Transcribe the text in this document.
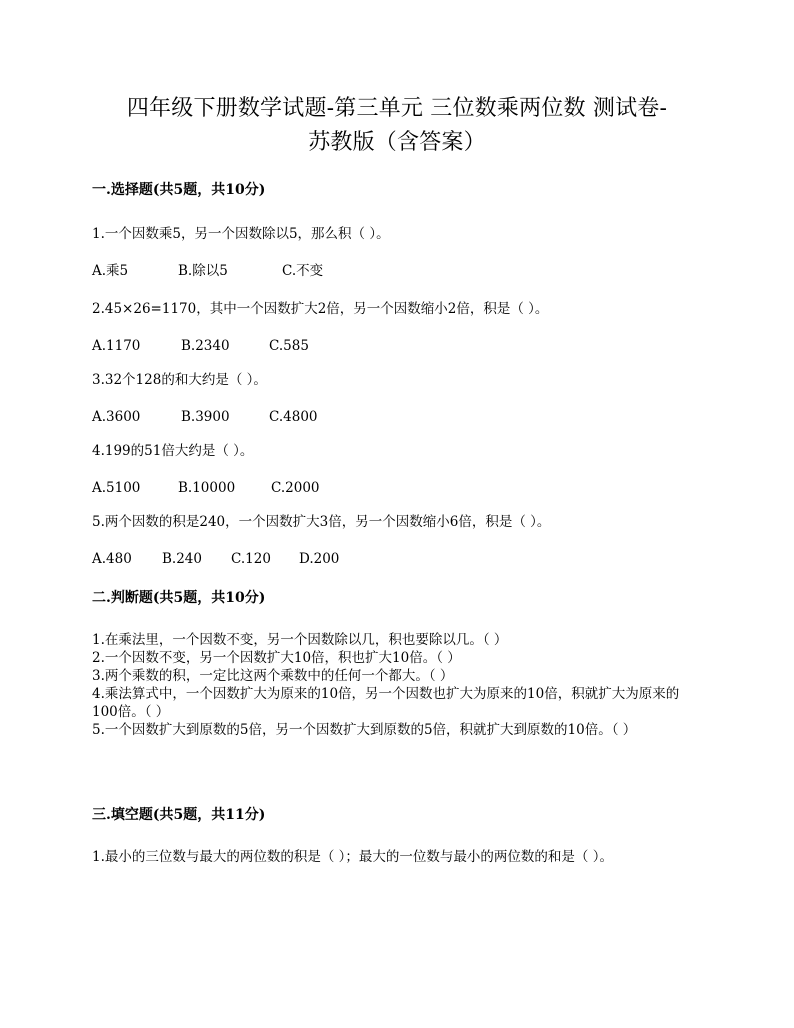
四年级下册数学试题-第三单元 三位数乘两位数 测试卷-
苏教版（含答案）

一.选择题(共5题，共10分)

1.一个因数乘5，另一个因数除以5，那么积（ ）。

A.乘5	B.除以5	C.不变

2.45×26=1170，其中一个因数扩大2倍，另一个因数缩小2倍，积是（ ）。

A.1170	B.2340	C.585

3.32个128的和大约是（ ）。

A.3600	B.3900	C.4800

4.199的51倍大约是（ ）。

A.5100	B.10000	C.2000

5.两个因数的积是240，一个因数扩大3倍，另一个因数缩小6倍，积是（ ）。

A.480 B.240 C.120 D.200

二.判断题(共5题，共10分)

1.在乘法里，一个因数不变，另一个因数除以几，积也要除以几。（ ）
2.一个因数不变，另一个因数扩大10倍，积也扩大10倍。（ ）
3.两个乘数的积，一定比这两个乘数中的任何一个都大。（ ）
4.乘法算式中，一个因数扩大为原来的10倍，另一个因数也扩大为原来的10倍，积就扩大为原来的100倍。（ ）
5.一个因数扩大到原数的5倍，另一个因数扩大到原数的5倍，积就扩大到原数的10倍。（ ）

三.填空题(共5题，共11分)

1.最小的三位数与最大的两位数的积是（ ）；最大的一位数与最小的两位数的和是（ ）。
